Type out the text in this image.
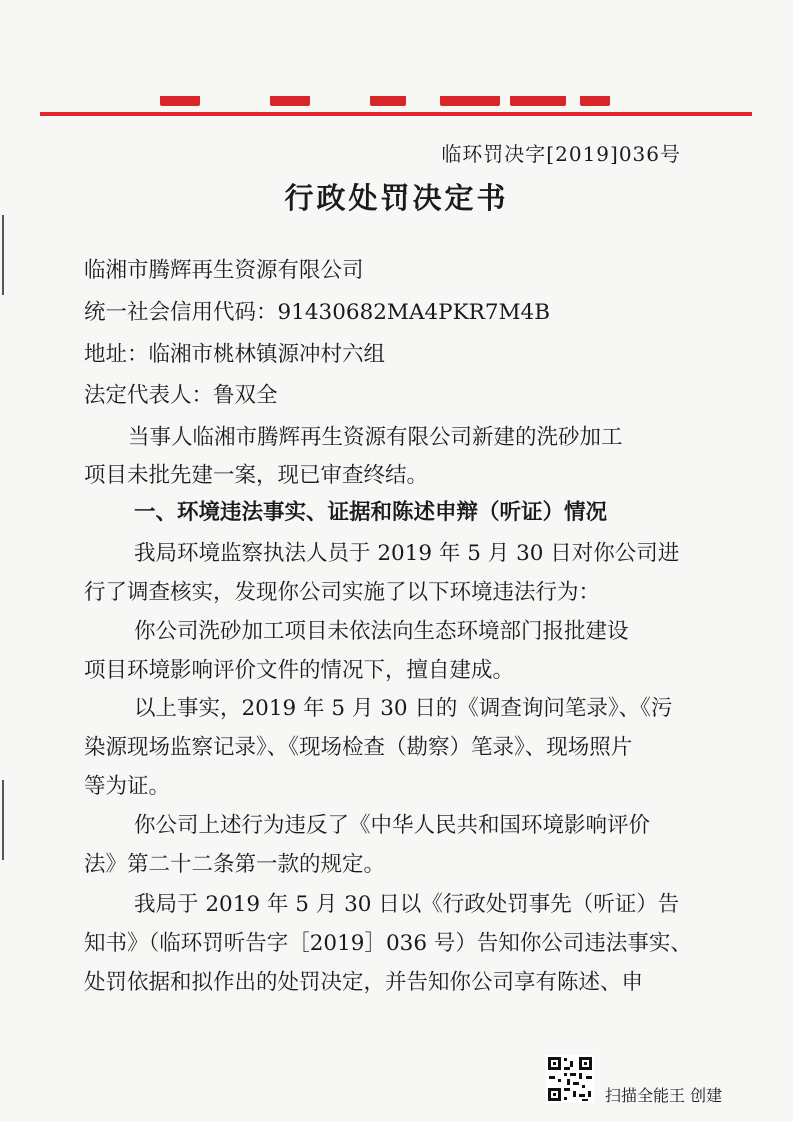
临环罚决字[2019]036号
行政处罚决定书
临湘市腾辉再生资源有限公司
统一社会信用代码：91430682MA4PKR7M4B
地址：临湘市桃林镇源冲村六组
法定代表人：鲁双全
当事人临湘市腾辉再生资源有限公司新建的洗砂加工
项目未批先建一案，现已审查终结。
一、环境违法事实、证据和陈述申辩（听证）情况
我局环境监察执法人员于 2019 年 5 月 30 日对你公司进
行了调查核实，发现你公司实施了以下环境违法行为：
你公司洗砂加工项目未依法向生态环境部门报批建设
项目环境影响评价文件的情况下，擅自建成。
以上事实，2019 年 5 月 30 日的《调查询问笔录》、《污
染源现场监察记录》、《现场检查（勘察）笔录》、现场照片
等为证。
你公司上述行为违反了《中华人民共和国环境影响评价
法》第二十二条第一款的规定。
我局于 2019 年 5 月 30 日以《行政处罚事先（听证）告
知书》（临环罚听告字［2019］036 号）告知你公司违法事实、
处罚依据和拟作出的处罚决定，并告知你公司享有陈述、申
扫描全能王 创建
